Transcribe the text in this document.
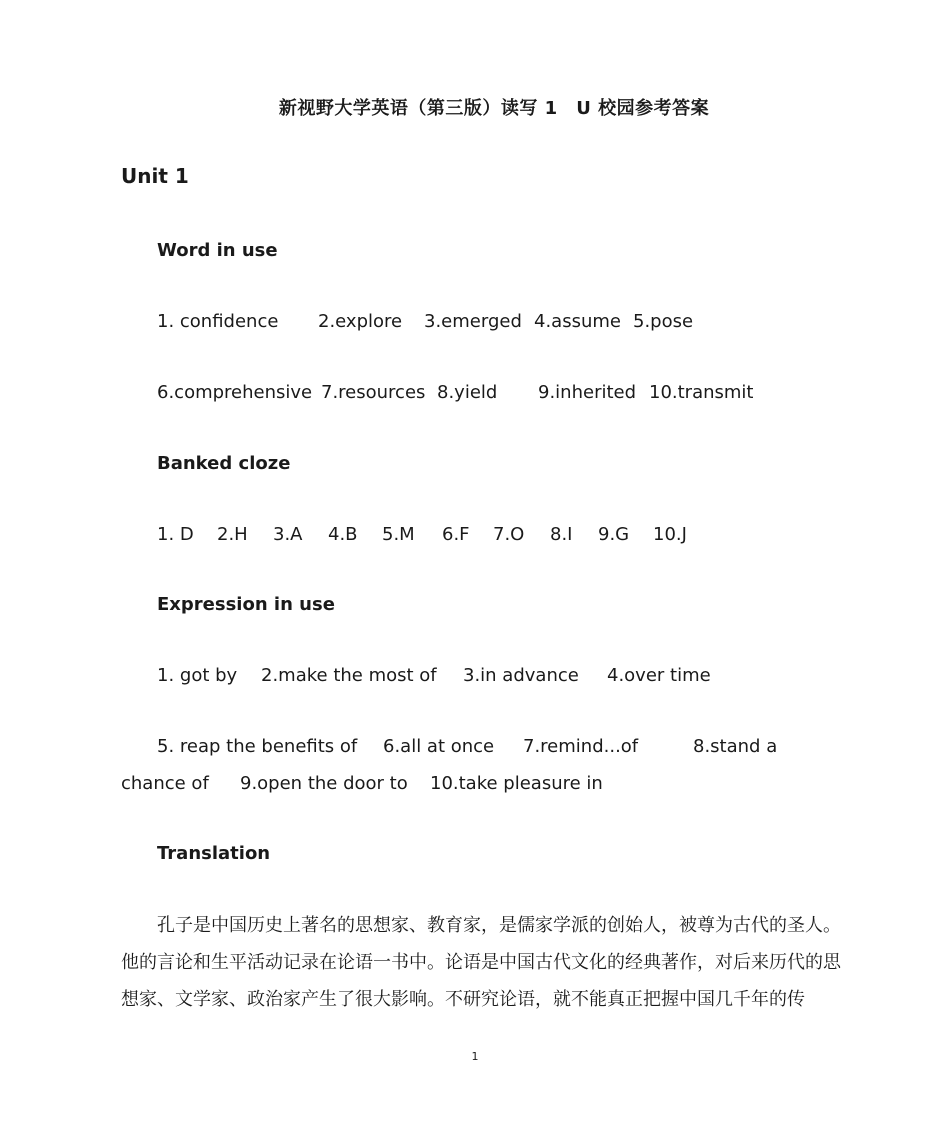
新视野大学英语（第三版）读写 1　U 校园参考答案
Unit 1
Word in use
1. confidence 2.explore 3.emerged 4.assume 5.pose
6.comprehensive 7.resources 8.yield 9.inherited 10.transmit
Banked cloze
1. D 2.H 3.A 4.B 5.M 6.F 7.O 8.I 9.G 10.J
Expression in use
1. got by 2.make the most of 3.in advance 4.over time
5. reap the benefits of 6.all at once 7.remind...of	8.stand a
chance of 9.open the door to 10.take pleasure in
Translation
孔子是中国历史上著名的思想家、教育家，是儒家学派的创始人，被尊为古代的圣人。他的言论和生平活动记录在论语一书中。论语是中国古代文化的经典著作，对后来历代的思想家、文学家、政治家产生了很大影响。不研究论语，就不能真正把握中国几千年的传
1
